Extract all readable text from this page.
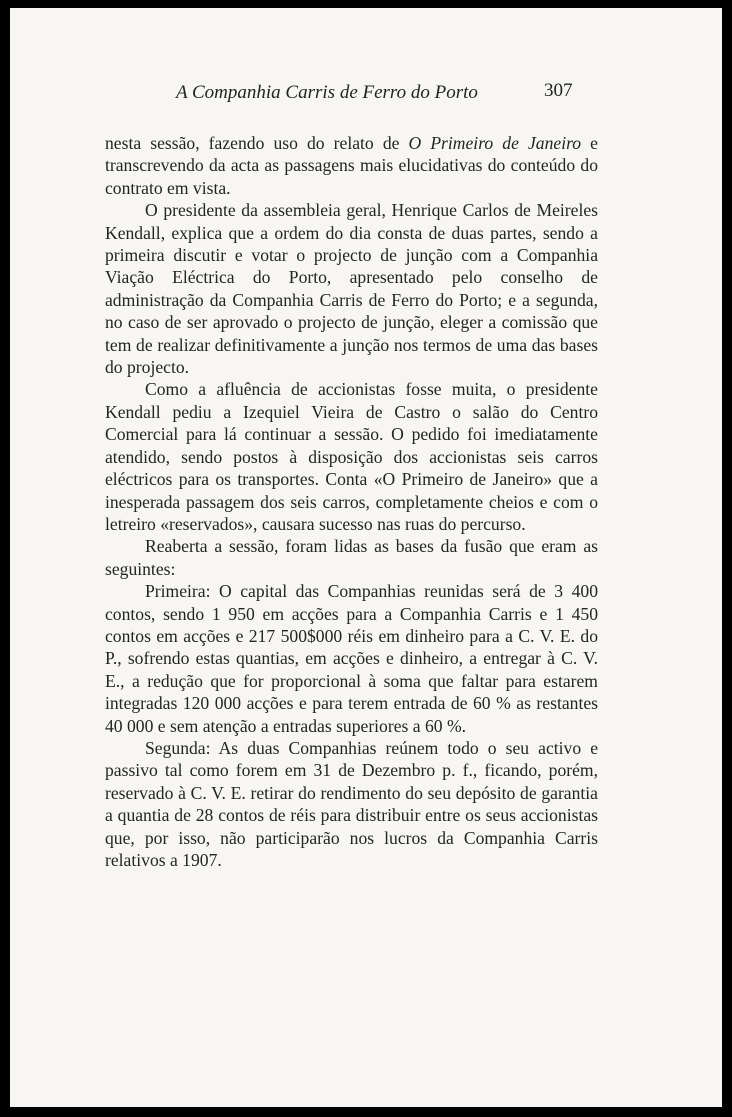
A Companhia Carris de Ferro do Porto	307

nesta sessão, fazendo uso do relato de O Primeiro de Janeiro e transcrevendo da acta as passagens mais elucidativas do conteúdo do contrato em vista.

O presidente da assembleia geral, Henrique Carlos de Meireles Kendall, explica que a ordem do dia consta de duas partes, sendo a primeira discutir e votar o projecto de junção com a Companhia Viação Eléctrica do Porto, apresentado pelo conselho de administração da Companhia Carris de Ferro do Porto; e a segunda, no caso de ser aprovado o projecto de junção, eleger a comissão que tem de realizar definitivamente a junção nos termos de uma das bases do projecto.

Como a afluência de accionistas fosse muita, o presidente Kendall pediu a Izequiel Vieira de Castro o salão do Centro Comercial para lá continuar a sessão. O pedido foi imediatamente atendido, sendo postos à disposição dos accionistas seis carros eléctricos para os transportes. Conta «O Primeiro de Janeiro» que a inesperada passagem dos seis carros, completamente cheios e com o letreiro «reservados», causara sucesso nas ruas do percurso.

Reaberta a sessão, foram lidas as bases da fusão que eram as seguintes:

Primeira: O capital das Companhias reunidas será de 3 400 contos, sendo 1 950 em acções para a Companhia Carris e 1 450 contos em acções e 217 500$000 réis em dinheiro para a C. V. E. do P., sofrendo estas quantias, em acções e dinheiro, a entregar à C. V. E., a redução que for proporcional à soma que faltar para estarem integradas 120 000 acções e para terem entrada de 60 % as restantes 40 000 e sem atenção a entradas superiores a 60 %.

Segunda: As duas Companhias reúnem todo o seu activo e passivo tal como forem em 31 de Dezembro p. f., ficando, porém, reservado à C. V. E. retirar do rendimento do seu depósito de garantia a quantia de 28 contos de réis para distribuir entre os seus accionistas que, por isso, não participarão nos lucros da Companhia Carris relativos a 1907.
